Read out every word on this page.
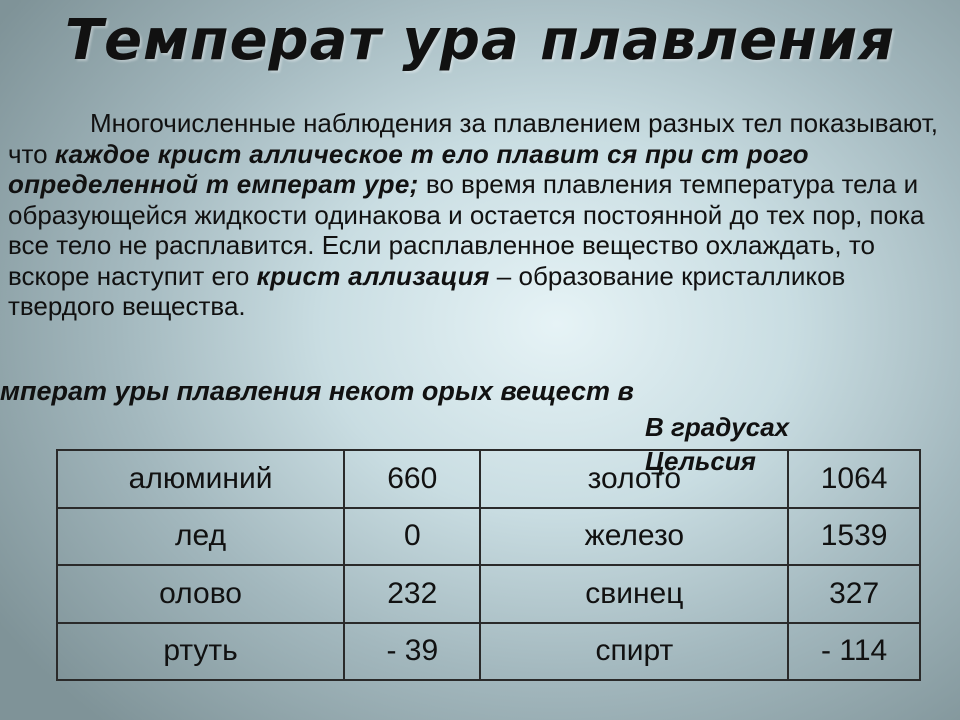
Температ ура плавления

Многочисленные наблюдения за плавлением разных тел показывают, что каждое крист аллическое т ело плавит ся при ст рого определенной т емперат уре; во время плавления температура тела и образующейся жидкости одинакова и остается постоянной до тех пор, пока все тело не расплавится. Если расплавленное вещество охлаждать, то вскоре наступит его крист аллизация – образование кристалликов твердого вещества.

мперат уры плавления некот орых вещест в
В градусах Цельсия
алюминий	660	золото	1064
лед	0	железо	1539
олово	232	свинец	327
ртуть	- 39	спирт	- 114
